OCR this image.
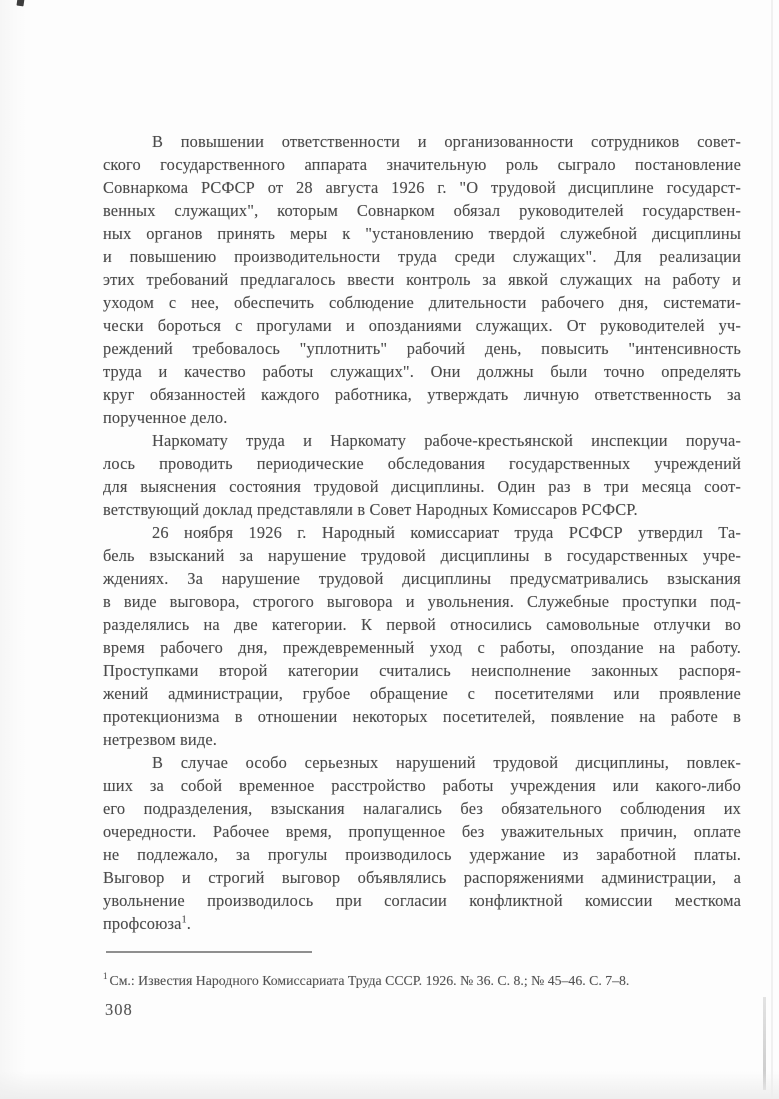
В повышении ответственности и организованности сотрудников совет-
ского государственного аппарата значительную роль сыграло постановление
Совнаркома РСФСР от 28 августа 1926 г. "О трудовой дисциплине государст-
венных служащих", которым Совнарком обязал руководителей государствен-
ных органов принять меры к "установлению твердой служебной дисциплины
и повышению производительности труда среди служащих". Для реализации
этих требований предлагалось ввести контроль за явкой служащих на работу и
уходом с нее, обеспечить соблюдение длительности рабочего дня, системати-
чески бороться с прогулами и опозданиями служащих. От руководителей уч-
реждений требовалось "уплотнить" рабочий день, повысить "интенсивность
труда и качество работы служащих". Они должны были точно определять
круг обязанностей каждого работника, утверждать личную ответственность за
порученное дело.
Наркомату труда и Наркомату рабоче-крестьянской инспекции поруча-
лось проводить периодические обследования государственных учреждений
для выяснения состояния трудовой дисциплины. Один раз в три месяца соот-
ветствующий доклад представляли в Совет Народных Комиссаров РСФСР.
26 ноября 1926 г. Народный комиссариат труда РСФСР утвердил Та-
бель взысканий за нарушение трудовой дисциплины в государственных учре-
ждениях. За нарушение трудовой дисциплины предусматривались взыскания
в виде выговора, строгого выговора и увольнения. Служебные проступки под-
разделялись на две категории. К первой относились самовольные отлучки во
время рабочего дня, преждевременный уход с работы, опоздание на работу.
Проступками второй категории считались неисполнение законных распоря-
жений администрации, грубое обращение с посетителями или проявление
протекционизма в отношении некоторых посетителей, появление на работе в
нетрезвом виде.
В случае особо серьезных нарушений трудовой дисциплины, повлек-
ших за собой временное расстройство работы учреждения или какого-либо
его подразделения, взыскания налагались без обязательного соблюдения их
очередности. Рабочее время, пропущенное без уважительных причин, оплате
не подлежало, за прогулы производилось удержание из заработной платы.
Выговор и строгий выговор объявлялись распоряжениями администрации, а
увольнение производилось при согласии конфликтной комиссии месткома
профсоюза$^1$.
$^1$ См.: Известия Народного Комиссариата Труда СССР. 1926. № 36. С. 8.; № 45–46. С. 7–8.
308
